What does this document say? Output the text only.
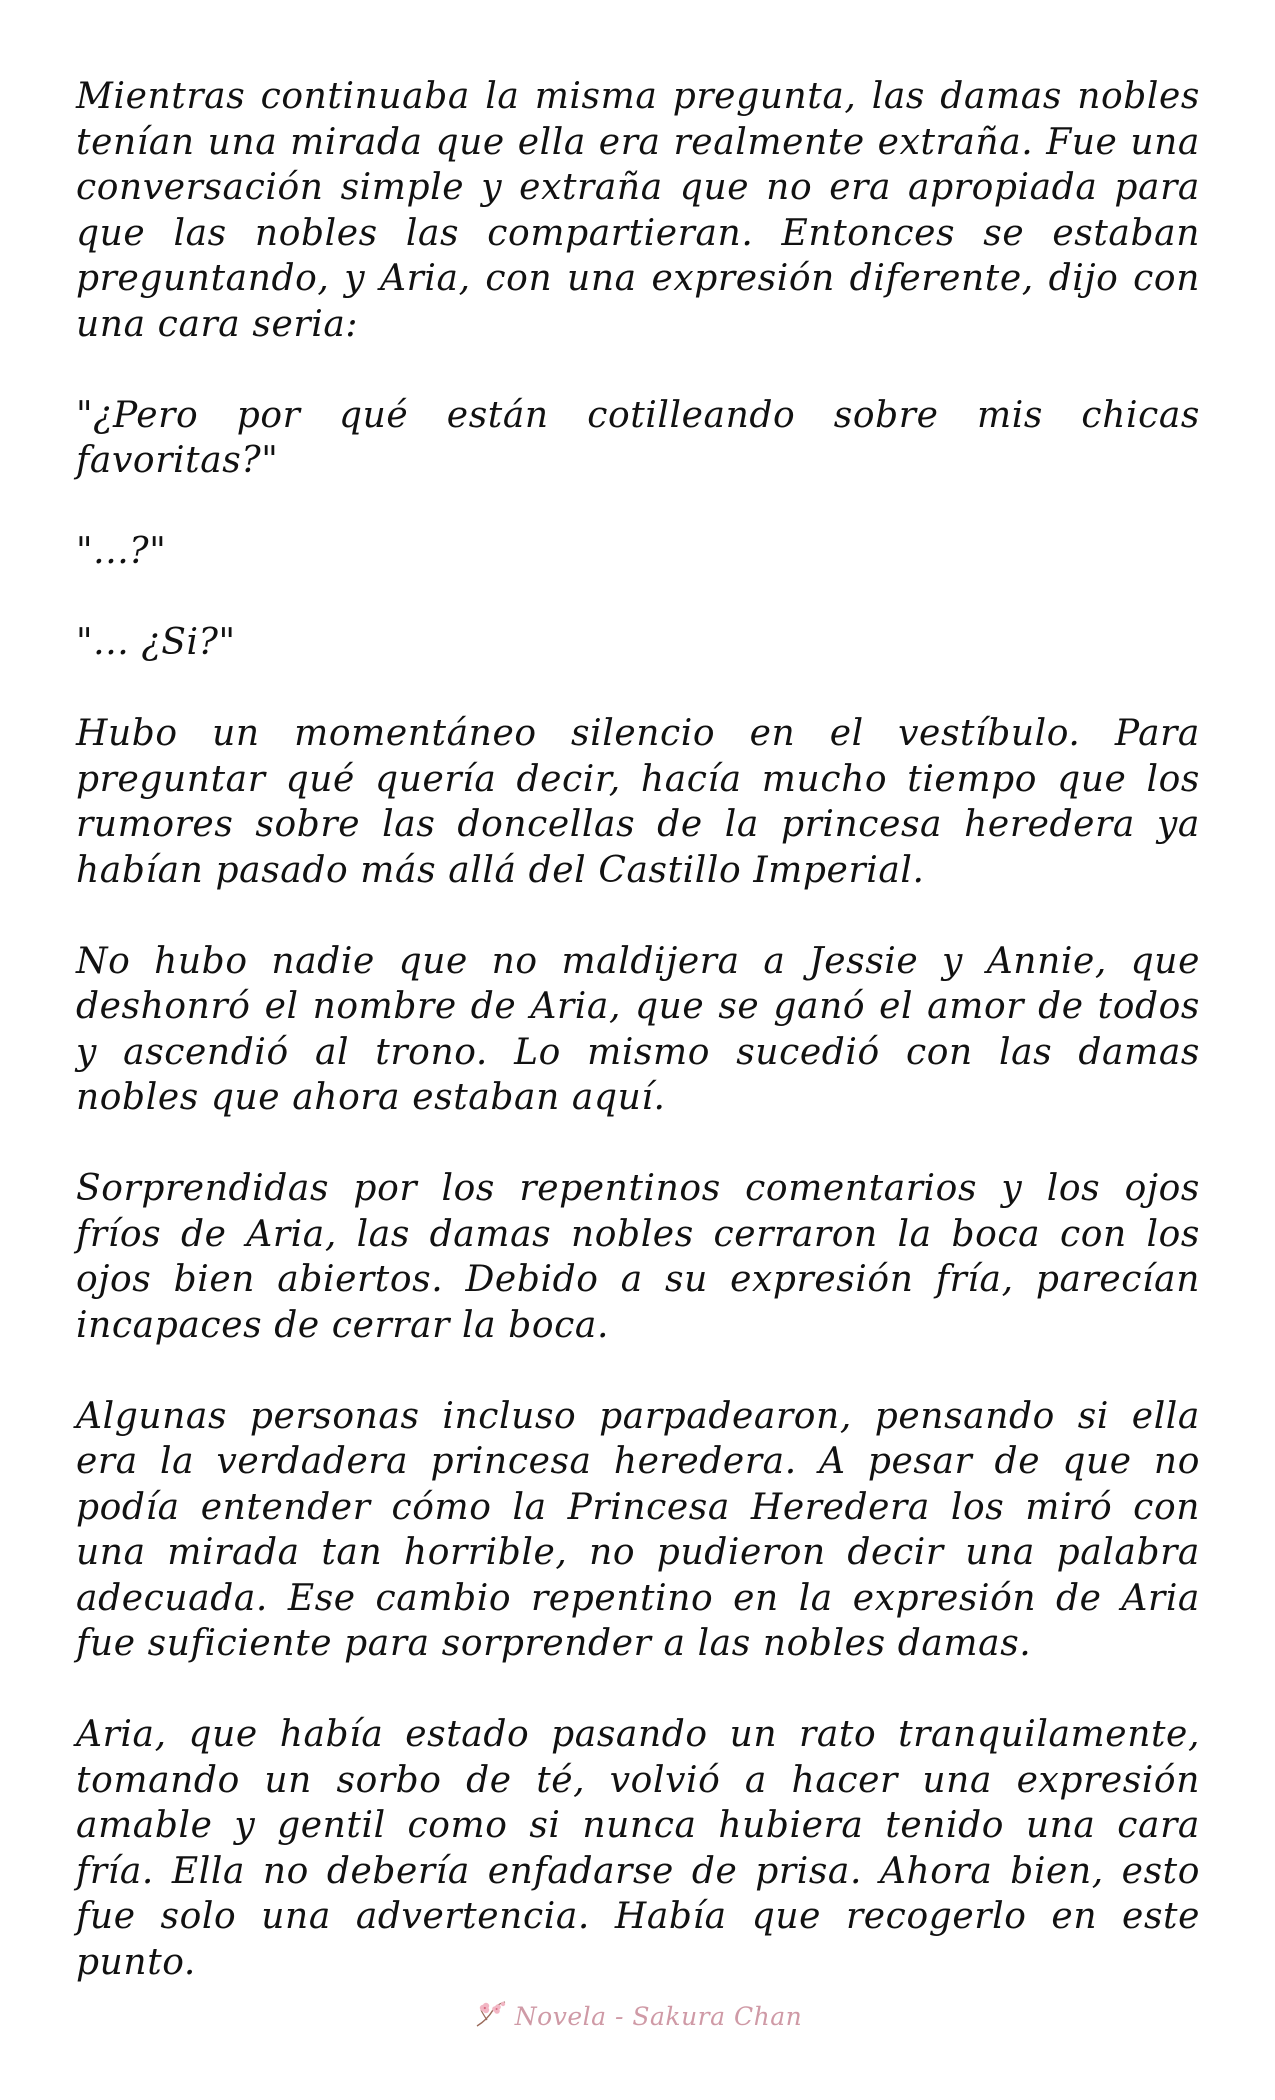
Mientras continuaba la misma pregunta, las damas nobles tenían una mirada que ella era realmente extraña. Fue una conversación simple y extraña que no era apropiada para que las nobles las compartieran. Entonces se estaban preguntando, y Aria, con una expresión diferente, dijo con una cara seria:

"¿Pero por qué están cotilleando sobre mis chicas favoritas?"

"...?"

"... ¿Si?"

Hubo un momentáneo silencio en el vestíbulo. Para preguntar qué quería decir, hacía mucho tiempo que los rumores sobre las doncellas de la princesa heredera ya habían pasado más allá del Castillo Imperial.

No hubo nadie que no maldijera a Jessie y Annie, que deshonró el nombre de Aria, que se ganó el amor de todos y ascendió al trono. Lo mismo sucedió con las damas nobles que ahora estaban aquí.

Sorprendidas por los repentinos comentarios y los ojos fríos de Aria, las damas nobles cerraron la boca con los ojos bien abiertos. Debido a su expresión fría, parecían incapaces de cerrar la boca.

Algunas personas incluso parpadearon, pensando si ella era la verdadera princesa heredera. A pesar de que no podía entender cómo la Princesa Heredera los miró con una mirada tan horrible, no pudieron decir una palabra adecuada. Ese cambio repentino en la expresión de Aria fue suficiente para sorprender a las nobles damas.

Aria, que había estado pasando un rato tranquilamente, tomando un sorbo de té, volvió a hacer una expresión amable y gentil como si nunca hubiera tenido una cara fría. Ella no debería enfadarse de prisa. Ahora bien, esto fue solo una advertencia. Había que recogerlo en este punto.

Novela - Sakura Chan
